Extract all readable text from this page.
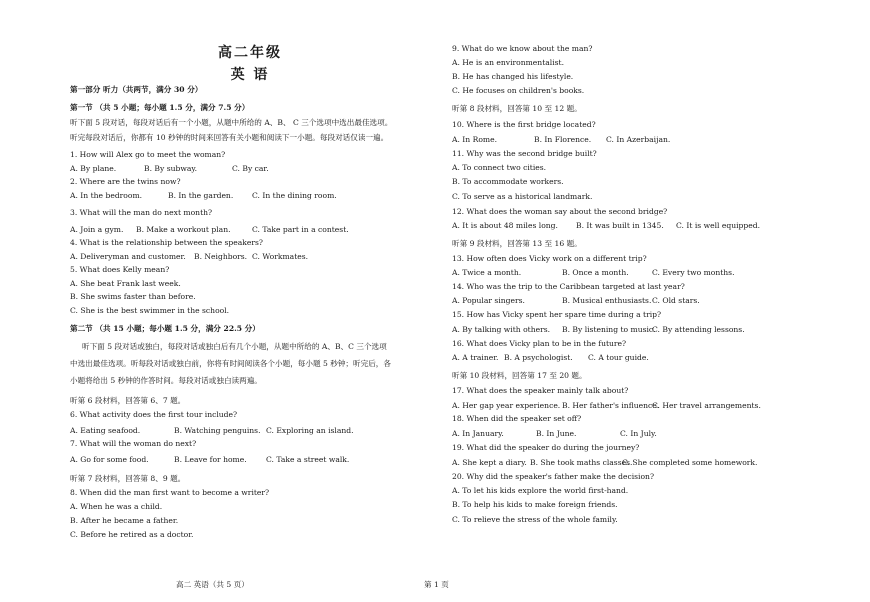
高二年级
英 语
第一部分 听力（共两节，满分 30 分）
第一节 （共 5 小题；每小题 1.5 分，满分 7.5 分）
听下面 5 段对话，每段对话后有一个小题，从题中所给的 A、B、 C 三个选项中选出最佳选项。
听完每段对话后，你都有 10 秒钟的时间来回答有关小题和阅读下一小题。每段对话仅读一遍。
1. How will Alex go to meet the woman?
A. By plane.	B. By subway.	C. By car.
2. Where are the twins now?
A. In the bedroom.	B. In the garden.	C. In the dining room.
3. What will the man do next month?
A. Join a gym.	B. Make a workout plan.	C. Take part in a contest.
4. What is the relationship between the speakers?
A. Deliveryman and customer.	B. Neighbors. C. Workmates.
5. What does Kelly mean?
A. She beat Frank last week.
B. She swims faster than before.
C. She is the best swimmer in the school.
第二节 （共 15 小题；每小题 1.5 分，满分 22.5 分）
听下面 5 段对话或独白，每段对话或独白后有几个小题，从题中所给的 A、B、C 三个选项
中选出最佳选项。听每段对话或独白前，你将有时间阅读各个小题，每小题 5 秒钟；听完后，各
小题将给出 5 秒钟的作答时间。每段对话或独白读两遍。
听第 6 段材料，回答第 6、7 题。
6. What activity does the first tour include?
A. Eating seafood.	B. Watching penguins. C. Exploring an island.
7. What will the woman do next?
A. Go for some food.	B. Leave for home.	C. Take a street walk.
听第 7 段材料，回答第 8、9 题。
8. When did the man first want to become a writer?
A. When he was a child.
B. After he became a father.
C. Before he retired as a doctor.
9. What do we know about the man?
A. He is an environmentalist.
B. He has changed his lifestyle.
C. He focuses on children's books.
听第 8 段材料，回答第 10 至 12 题。
10. Where is the first bridge located?
A. In Rome.	B. In Florence.	C. In Azerbaijan.
11. Why was the second bridge built?
A. To connect two cities.
B. To accommodate workers.
C. To serve as a historical landmark.
12. What does the woman say about the second bridge?
A. It is about 48 miles long.	B. It was built in 1345.	C. It is well equipped.
听第 9 段材料，回答第 13 至 16 题。
13. How often does Vicky work on a different trip?
A. Twice a month.	B. Once a month.	C. Every two months.
14. Who was the trip to the Caribbean targeted at last year?
A. Popular singers.	B. Musical enthusiasts. C. Old stars.
15. How has Vicky spent her spare time during a trip?
A. By talking with others.	B. By listening to music.
C. By attending lessons.
16. What does Vicky plan to be in the future?
A. A trainer. B. A psychologist.	C. A tour guide.
听第 10 段材料，回答第 17 至 20 题。
17. What does the speaker mainly talk about?
A. Her gap year experience. B. Her father's influence.
C. Her travel arrangements.
18. When did the speaker set off?
A. In January.	B. In June.	C. In July.
19. What did the speaker do during the journey?
A. She kept a diary. B. She took maths classes.
C. She completed some homework.
20. Why did the speaker's father make the decision?
A. To let his kids explore the world first-hand.
B. To help his kids to make foreign friends.
C. To relieve the stress of the whole family.
高二 英语（共 5 页）	第 1 页
